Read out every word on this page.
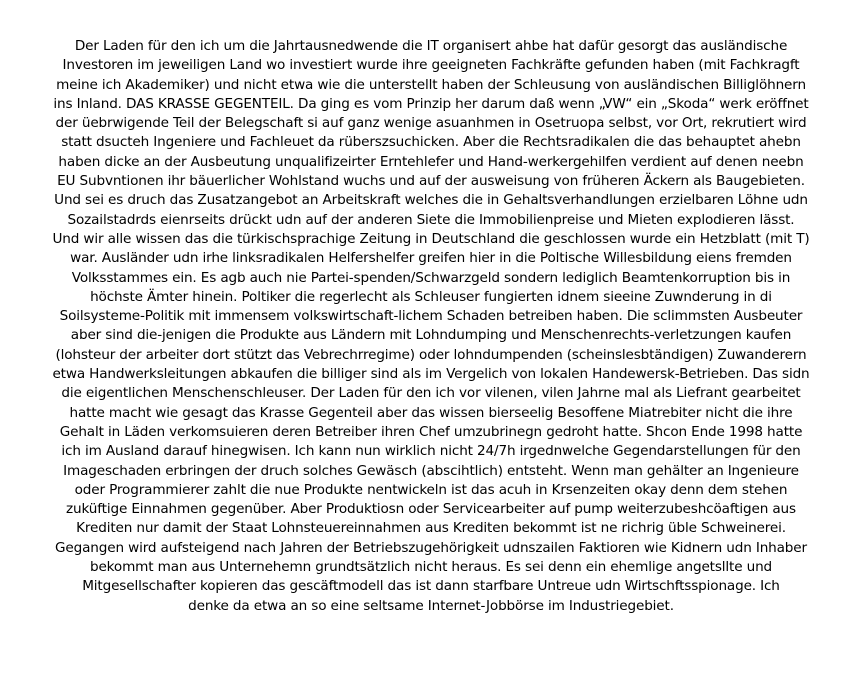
Der Laden für den ich um die Jahrtausnedwende die IT organisert ahbe hat dafür gesorgt das ausländische
Investoren im jeweiligen Land wo investiert wurde ihre geeigneten Fachkräfte gefunden haben (mit Fachkragft
meine ich Akademiker) und nicht etwa wie die unterstellt haben der Schleusung von ausländischen Billiglöhnern
ins Inland. DAS KRASSE GEGENTEIL. Da ging es vom Prinzip her darum daß wenn „VW“ ein „Skoda“ werk eröffnet
der üebrwigende Teil der Belegschaft si auf ganz wenige asuanhmen in Osetruopa selbst, vor Ort, rekrutiert wird
statt dsucteh Ingeniere und Fachleuet da rüberszsuchicken. Aber die Rechtsradikalen die das behauptet ahebn
haben dicke an der Ausbeutung unqualifizeirter Erntehlefer und Hand-werkergehilfen verdient auf denen neebn
EU Subvntionen ihr bäuerlicher Wohlstand wuchs und auf der ausweisung von früheren Äckern als Baugebieten.
Und sei es druch das Zusatzangebot an Arbeitskraft welches die in Gehaltsverhandlungen erzielbaren Löhne udn
Sozailstadrds eienrseits drückt udn auf der anderen Siete die Immobilienpreise und Mieten explodieren lässt.
Und wir alle wissen das die türkischsprachige Zeitung in Deutschland die geschlossen wurde ein Hetzblatt (mit T)
war. Ausländer udn irhe linksradikalen Helfershelfer greifen hier in die Poltische Willesbildung eiens fremden
Volksstammes ein. Es agb auch nie Partei-spenden/Schwarzgeld sondern lediglich Beamtenkorruption bis in
höchste Ämter hinein. Poltiker die regerlecht als Schleuser fungierten idnem sieeine Zuwnderung in di
Soilsysteme-Politik mit immensem volkswirtschaft-lichem Schaden betreiben haben. Die sclimmsten Ausbeuter
aber sind die-jenigen die Produkte aus Ländern mit Lohndumping und Menschenrechts-verletzungen kaufen
(lohsteur der arbeiter dort stützt das Vebrechrregime) oder lohndumpenden (scheinslesbtändigen) Zuwanderern
etwa Handwerksleitungen abkaufen die billiger sind als im Vergelich von lokalen Handewersk-Betrieben. Das sidn
die eigentlichen Menschenschleuser. Der Laden für den ich vor vilenen, vilen Jahrne mal als Liefrant gearbeitet
hatte macht wie gesagt das Krasse Gegenteil aber das wissen bierseelig Besoffene Miatrebiter nicht die ihre
Gehalt in Läden verkomsuieren deren Betreiber ihren Chef umzubrinegn gedroht hatte. Shcon Ende 1998 hatte
ich im Ausland darauf hinegwisen. Ich kann nun wirklich nicht 24/7h irgednwelche Gegendarstellungen für den
Imageschaden erbringen der druch solches Gewäsch (abscihtlich) entsteht. Wenn man gehälter an Ingenieure
oder Programmierer zahlt die nue Produkte nentwickeln ist das acuh in Krsenzeiten okay denn dem stehen
zuküftige Einnahmen gegenüber. Aber Produktiosn oder Servicearbeiter auf pump weiterzubeshcöaftigen aus
Krediten nur damit der Staat Lohnsteuereinnahmen aus Krediten bekommt ist ne richrig üble Schweinerei.
Gegangen wird aufsteigend nach Jahren der Betriebszugehörigkeit udnszailen Faktioren wie Kidnern udn Inhaber
bekommt man aus Unternehemn grundtsätzlich nicht heraus. Es sei denn ein ehemlige angetsllte und
Mitgesellschafter kopieren das gescäftmodell das ist dann starfbare Untreue udn Wirtschftsspionage. Ich
denke da etwa an so eine seltsame Internet-Jobbörse im Industriegebiet.
